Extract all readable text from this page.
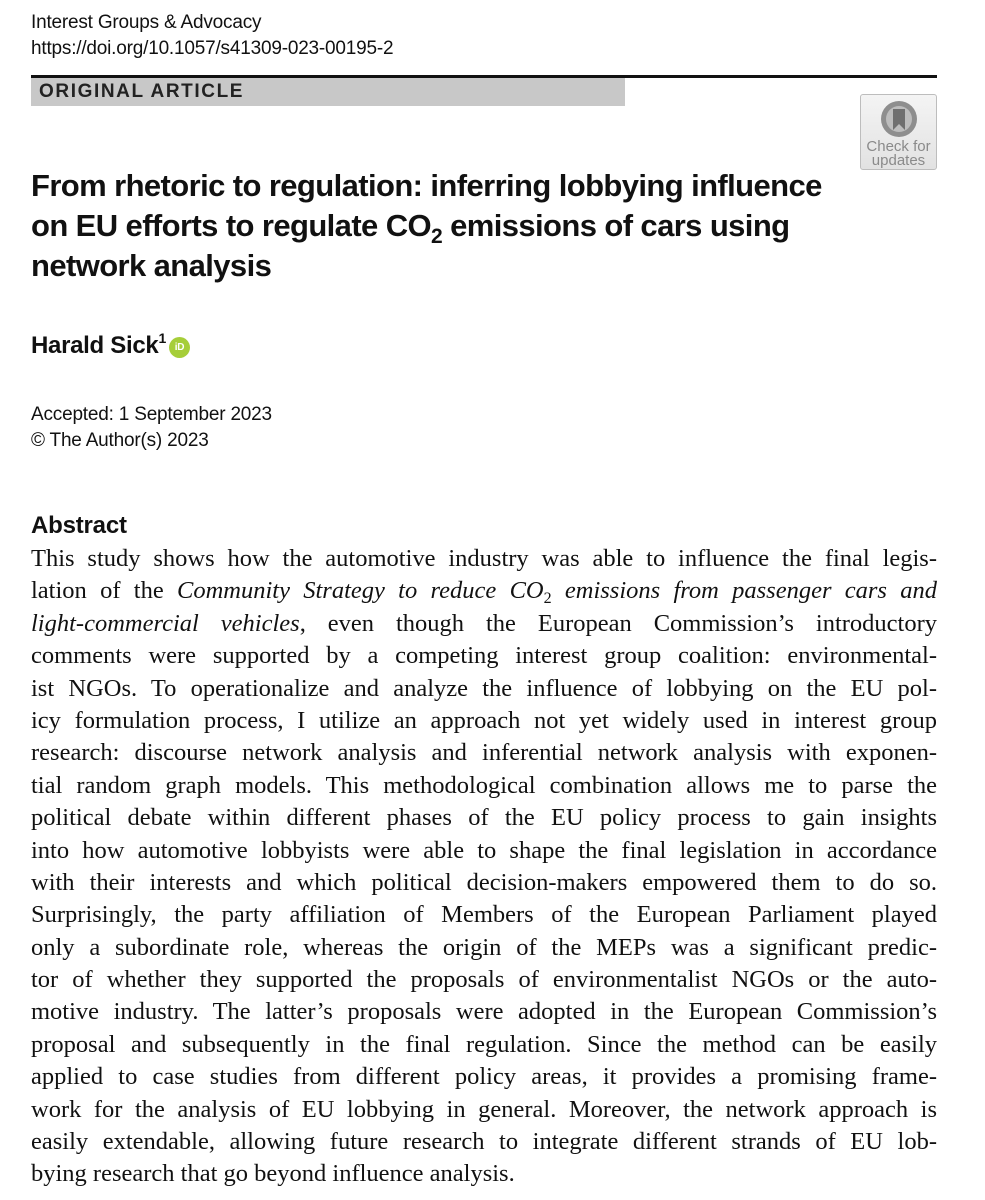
Interest Groups & Advocacy
https://doi.org/10.1057/s41309-023-00195-2
ORIGINAL ARTICLE
Check for
updates
From rhetoric to regulation: inferring lobbying influence
on EU efforts to regulate $CO_2$ emissions of cars using
network analysis
Harald Sick$^1$iD
Accepted: 1 September 2023
© The Author(s) 2023
Abstract
This study shows how the automotive industry was able to influence the final legis-
lation of the Community Strategy to reduce $CO_2$ emissions from passenger cars and
light-commercial vehicles, even though the European Commission’s introductory
comments were supported by a competing interest group coalition: environmental-
ist NGOs. To operationalize and analyze the influence of lobbying on the EU pol-
icy formulation process, I utilize an approach not yet widely used in interest group
research: discourse network analysis and inferential network analysis with exponen-
tial random graph models. This methodological combination allows me to parse the
political debate within different phases of the EU policy process to gain insights
into how automotive lobbyists were able to shape the final legislation in accordance
with their interests and which political decision-makers empowered them to do so.
Surprisingly, the party affiliation of Members of the European Parliament played
only a subordinate role, whereas the origin of the MEPs was a significant predic-
tor of whether they supported the proposals of environmentalist NGOs or the auto-
motive industry. The latter’s proposals were adopted in the European Commission’s
proposal and subsequently in the final regulation. Since the method can be easily
applied to case studies from different policy areas, it provides a promising frame-
work for the analysis of EU lobbying in general. Moreover, the network approach is
easily extendable, allowing future research to integrate different strands of EU lob-
bying research that go beyond influence analysis.
